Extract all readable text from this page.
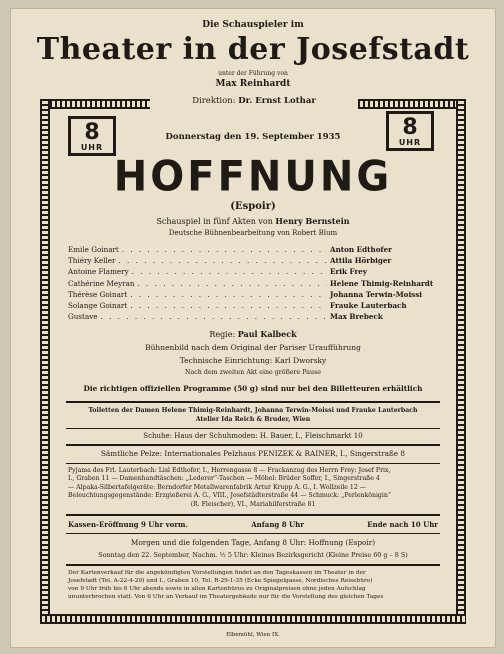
Die Schauspieler im
Theater in der Josefstadt
unter der Führung von
Max Reinhardt
Direktion: Dr. Ernst Lothar
8
UHR
8
UHR
Donnerstag den 19. September 1935
HOFFNUNG
(Espoir)
Schauspiel in fünf Akten von Henry Bernstein
Deutsche Bühnenbearbeitung von Robert Blum
Emile Goinart . . .	Anton Edthofer
Thiéry Keller . . .	Attila Hörbiger
Antoine Flamery . . .	Erik Frey
Cathérine Meyran . . .	Helene Thimig-Reinhardt
Thérèse Goinart . . .	Johanna Terwin-Moissi
Solange Goinart . . .	Frauke Lauterbach
Gustave . . .	Max Brebeck
Regie: Paul Kalbeck
Bühnenbild nach dem Original der Pariser Uraufführung
Technische Einrichtung: Karl Dworsky
Nach dem zweiten Akt eine größere Pause
Die richtigen offiziellen Programme (50 g) sind nur bei den Billetteuren erhältlich
Toiletten der Damen Helene Thimig-Reinhardt, Johanna Terwin-Moissi und Frauke Lauterbach
Atelier Ida Reich & Bruder, Wien
Schuhe: Haus der Schuhmoden: H. Bauer, I., Fleischmarkt 10
Sämtliche Pelze: Internationales Pelzhaus PENIZEK & RAINER, I., Singerstraße 8
Pyjama des Frl. Lauterbach: Lisl Edthofer, I., Herrengasse 8 — Frackanzug des Herrn Frey: Josef Prix,
I., Graben 11 — Damenhandtäschen: „Lederer“-Taschen — Möbel: Brüder Soffer, I., Singerstraße 4
— Alpaka-Silbertafelgeräte: Berndorfer Metallwarenfabrik Artur Krupp A. G., I. Wollzeile 12 —
Beleuchtungsgegenstände: Erzgießerei A. G., VIII., Josefstädterstraße 44 — Schmuck: „Perlenkönigin“
(R. Fleischer), VI., Mariahilferstraße 81
Kassen-Eröffnung 9 Uhr vorm.	Anfang 8 Uhr	Ende nach 10 Uhr
Morgen und die folgenden Tage, Anfang 8 Uhr: Hoffnung (Espoir)
Sonntag den 22. September, Nachm. ½ 5 Uhr: Kleines Bezirksgericht (Kleine Preise 60 g – 8 S)
Der Kartenverkauf für die angekündigten Vorstellungen findet an den Tageskassen im Theater in der
Josefstadt (Tel. A-22-4-20) und I., Graben 10, Tel. R-29-1-35 (Ecke Spiegelgasse, Nordisches Reisebüro)
von 9 Uhr früh bis 6 Uhr abends sowie in allen Kartenbüros zu Originalpreisen ohne jeden Aufschlag
ununterbrochen statt. Von 6 Uhr an Verkauf im Theatergebäude nur für die Vorstellung des gleichen Tages
Elbemühl, Wien IX.
